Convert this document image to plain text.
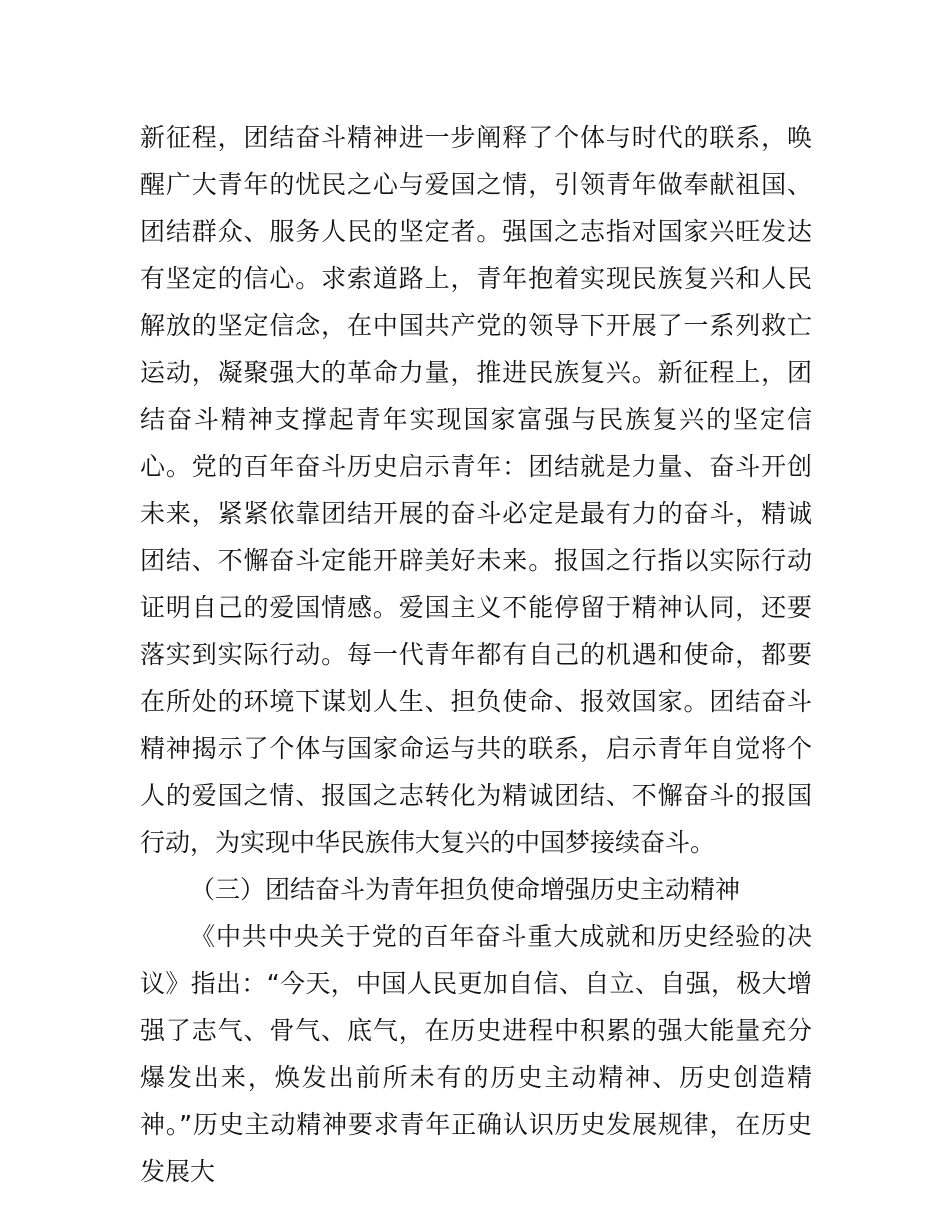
新征程，团结奋斗精神进一步阐释了个体与时代的联系，唤醒广大青年的忧民之心与爱国之情，引领青年做奉献祖国、团结群众、服务人民的坚定者。强国之志指对国家兴旺发达有坚定的信心。求索道路上，青年抱着实现民族复兴和人民解放的坚定信念，在中国共产党的领导下开展了一系列救亡运动，凝聚强大的革命力量，推进民族复兴。新征程上，团结奋斗精神支撑起青年实现国家富强与民族复兴的坚定信心。党的百年奋斗历史启示青年：团结就是力量、奋斗开创未来，紧紧依靠团结开展的奋斗必定是最有力的奋斗，精诚团结、不懈奋斗定能开辟美好未来。报国之行指以实际行动证明自己的爱国情感。爱国主义不能停留于精神认同，还要落实到实际行动。每一代青年都有自己的机遇和使命，都要在所处的环境下谋划人生、担负使命、报效国家。团结奋斗精神揭示了个体与国家命运与共的联系，启示青年自觉将个人的爱国之情、报国之志转化为精诚团结、不懈奋斗的报国行动，为实现中华民族伟大复兴的中国梦接续奋斗。

（三）团结奋斗为青年担负使命增强历史主动精神

《中共中央关于党的百年奋斗重大成就和历史经验的决议》指出：“今天，中国人民更加自信、自立、自强，极大增强了志气、骨气、底气，在历史进程中积累的强大能量充分爆发出来，焕发出前所未有的历史主动精神、历史创造精神。”历史主动精神要求青年正确认识历史发展规律，在历史发展大
